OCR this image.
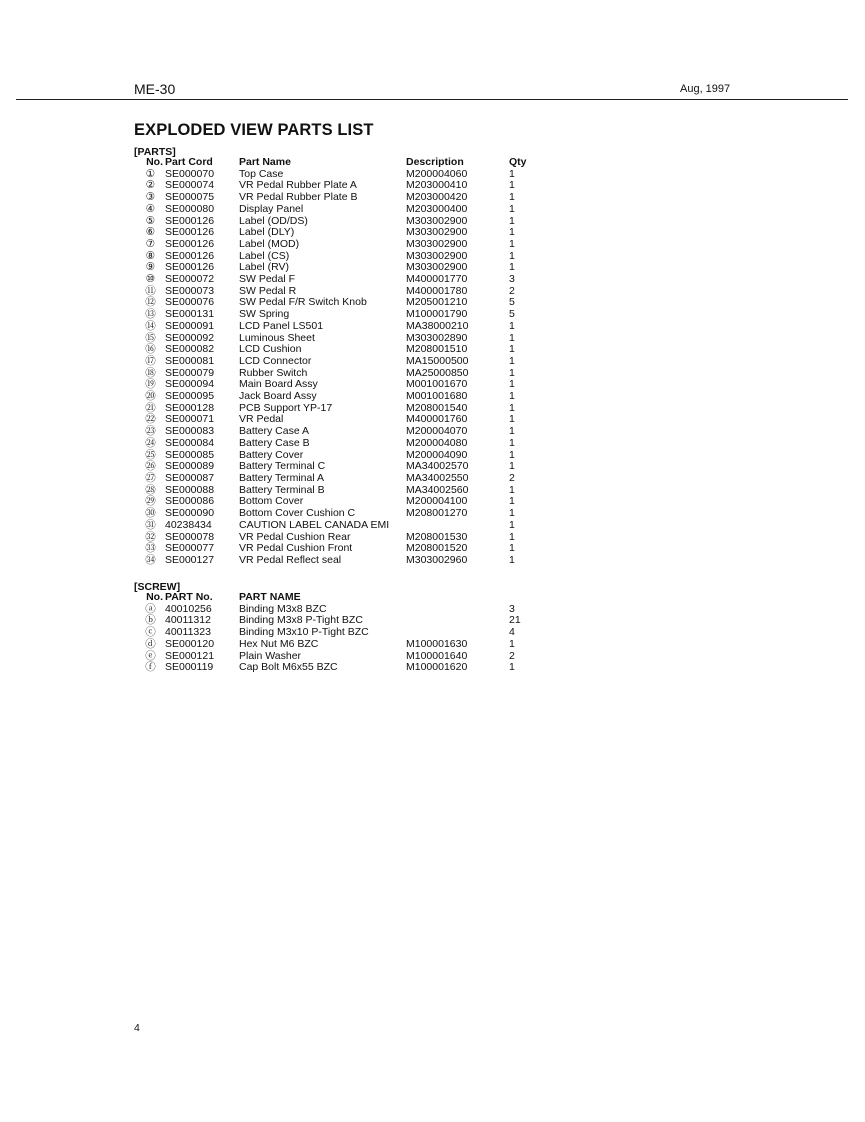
ME-30	Aug, 1997
EXPLODED VIEW PARTS LIST
[PARTS]
No.	Part Cord	Part Name	Description	Qty
①	SE000070	Top Case	M200004060	1
②	SE000074	VR Pedal Rubber Plate A	M203000410	1
③	SE000075	VR Pedal Rubber Plate B	M203000420	1
④	SE000080	Display Panel	M203000400	1
⑤	SE000126	Label (OD/DS)	M303002900	1
⑥	SE000126	Label (DLY)	M303002900	1
⑦	SE000126	Label (MOD)	M303002900	1
⑧	SE000126	Label (CS)	M303002900	1
⑨	SE000126	Label (RV)	M303002900	1
⑩	SE000072	SW Pedal F	M400001770	3
⑪	SE000073	SW Pedal R	M400001780	2
⑫	SE000076	SW Pedal F/R Switch Knob	M205001210	5
⑬	SE000131	SW Spring	M100001790	5
⑭	SE000091	LCD Panel LS501	MA38000210	1
⑮	SE000092	Luminous Sheet	M303002890	1
⑯	SE000082	LCD Cushion	M208001510	1
⑰	SE000081	LCD Connector	MA15000500	1
⑱	SE000079	Rubber Switch	MA25000850	1
⑲	SE000094	Main Board Assy	M001001670	1
⑳	SE000095	Jack Board Assy	M001001680	1
㉑	SE000128	PCB Support YP-17	M208001540	1
㉒	SE000071	VR Pedal	M400001760	1
㉓	SE000083	Battery Case A	M200004070	1
㉔	SE000084	Battery Case B	M200004080	1
㉕	SE000085	Battery Cover	M200004090	1
㉖	SE000089	Battery Terminal C	MA34002570	1
㉗	SE000087	Battery Terminal A	MA34002550	2
㉘	SE000088	Battery Terminal B	MA34002560	1
㉙	SE000086	Bottom Cover	M200004100	1
㉚	SE000090	Bottom Cover Cushion C	M208001270	1
㉛	40238434	CAUTION LABEL CANADA EMI		1
㉜	SE000078	VR Pedal Cushion Rear	M208001530	1
㉝	SE000077	VR Pedal Cushion Front	M208001520	1
㉞	SE000127	VR Pedal Reflect seal	M303002960	1
[SCREW]
No.	PART No.	PART NAME		
ⓐ	40010256	Binding M3x8 BZC		3
ⓑ	40011312	Binding M3x8 P-Tight BZC		21
ⓒ	40011323	Binding M3x10 P-Tight BZC		4
ⓓ	SE000120	Hex Nut M6 BZC	M100001630	1
ⓔ	SE000121	Plain Washer	M100001640	2
ⓕ	SE000119	Cap Bolt M6x55 BZC	M100001620	1
4
